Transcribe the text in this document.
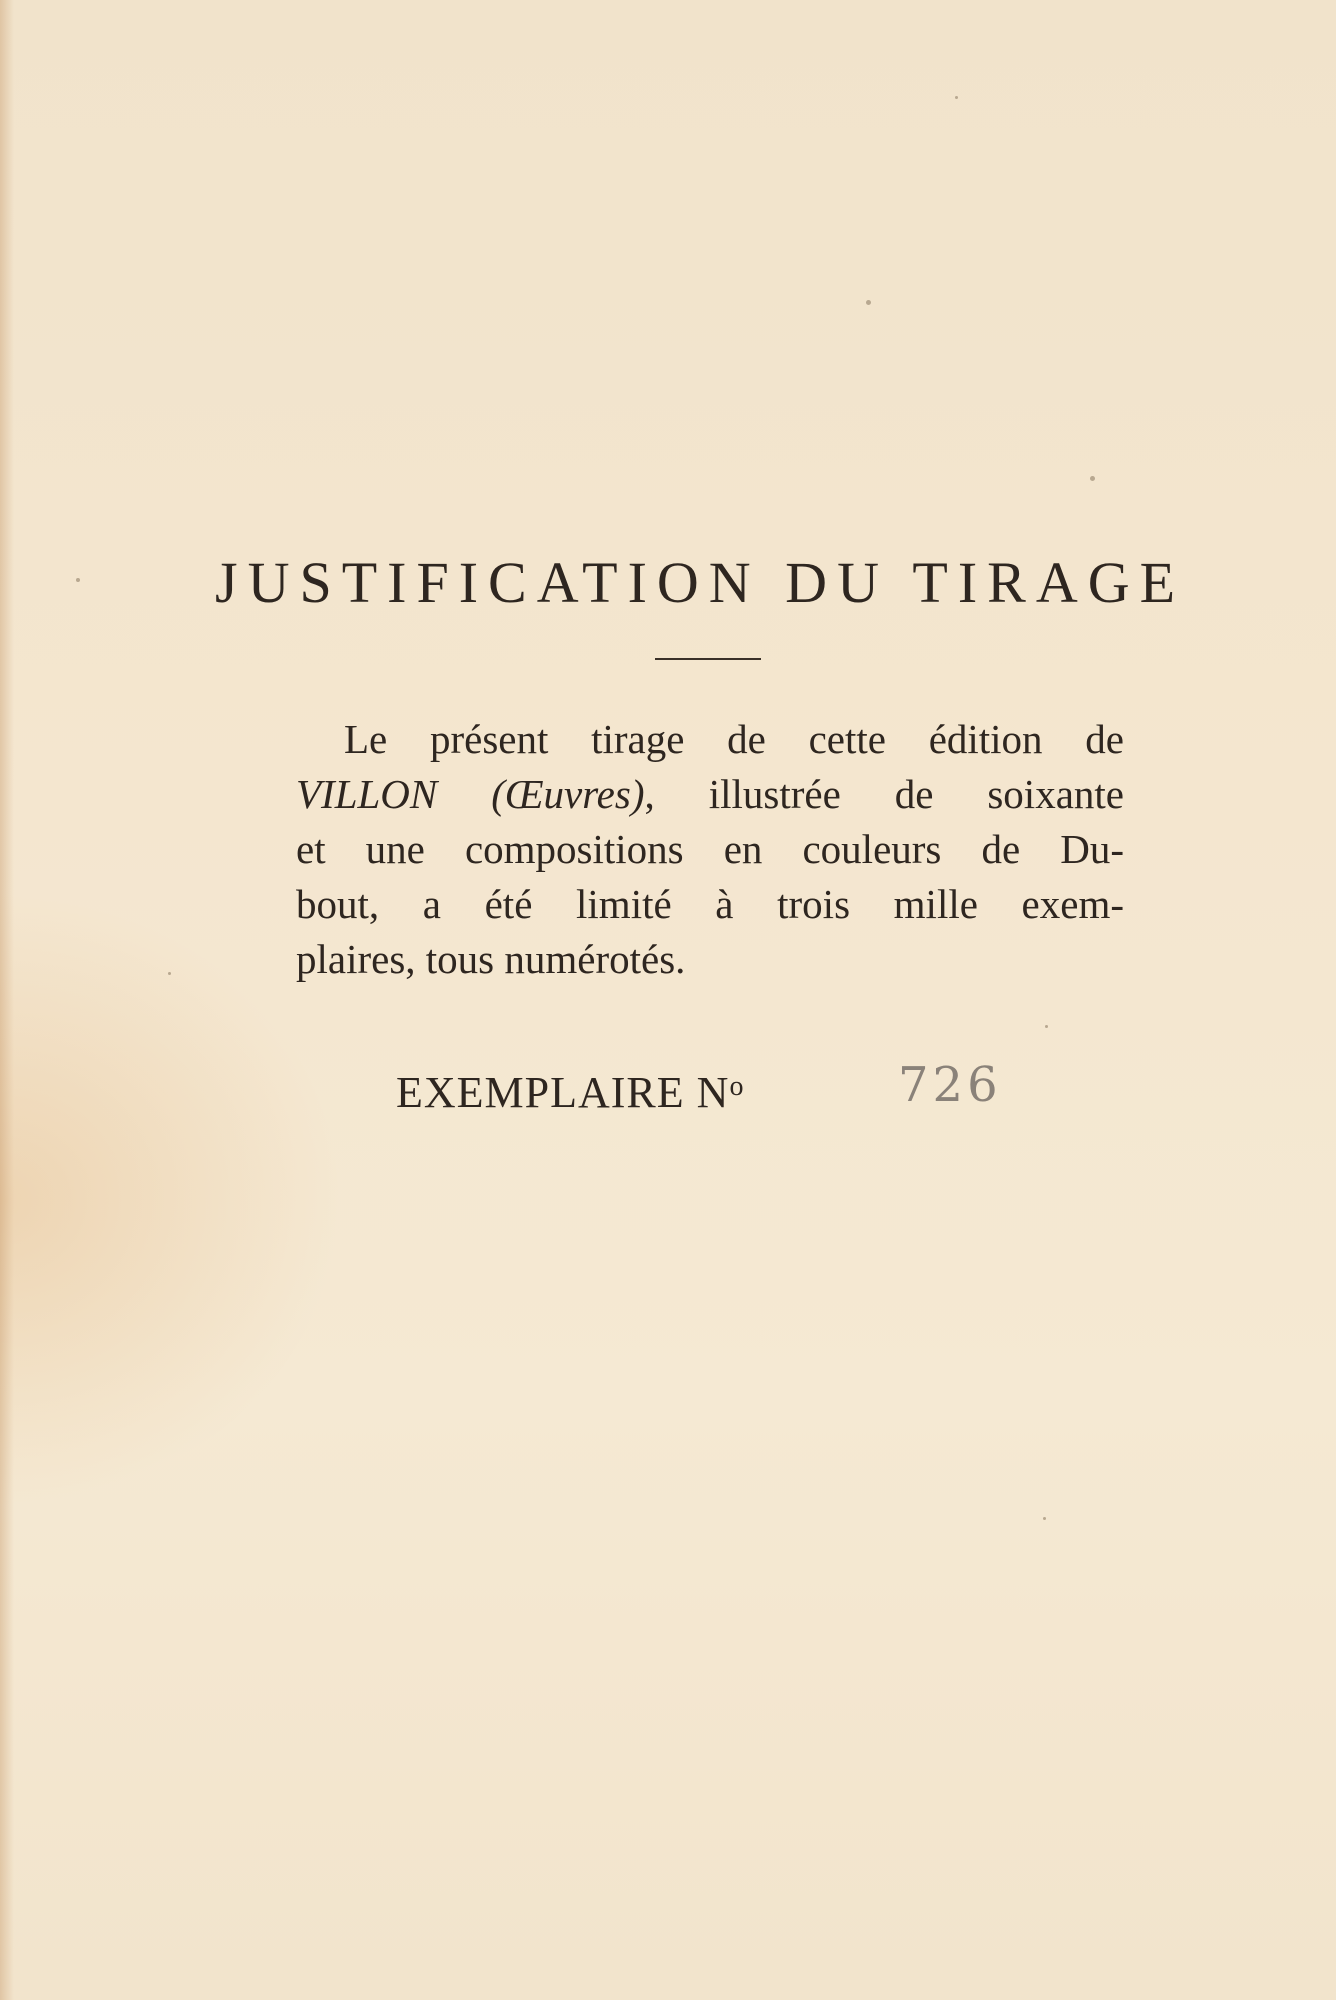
JUSTIFICATION DU TIRAGE

Le présent tirage de cette édition de
VILLON (Œuvres), illustrée de soixante
et une compositions en couleurs de Du-
bout, a été limité à trois mille exem-
plaires, tous numérotés.

EXEMPLAIRE $N^o$	726
